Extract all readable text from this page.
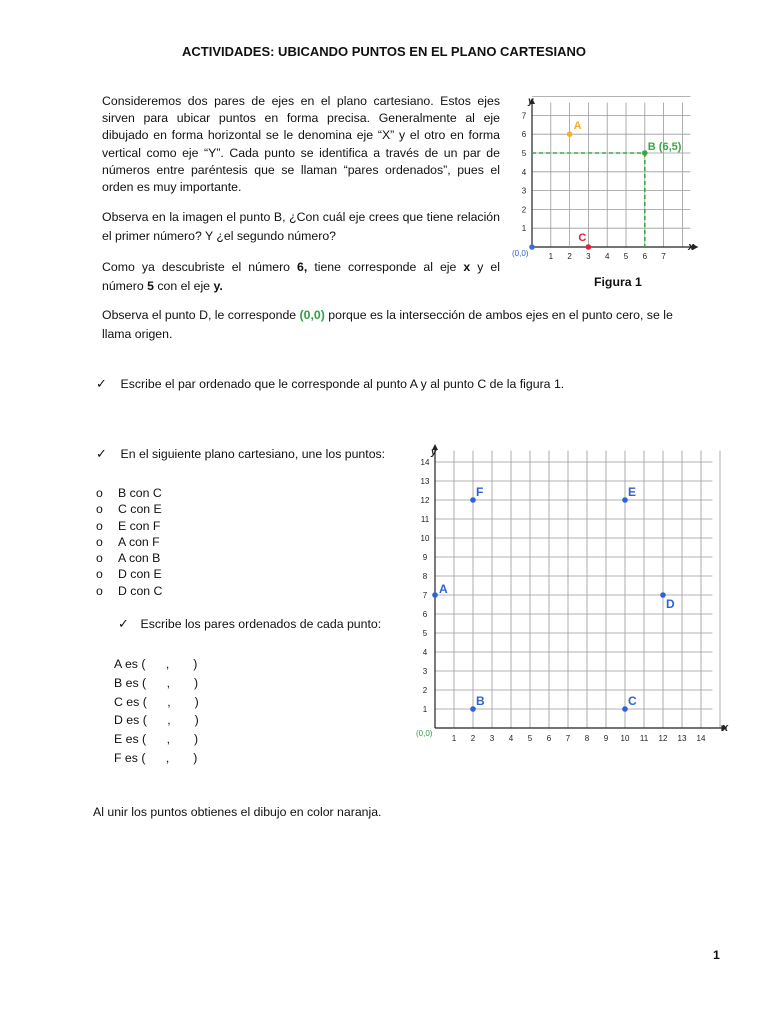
ACTIVIDADES: UBICANDO PUNTOS EN EL PLANO CARTESIANO
Consideremos dos pares de ejes en el plano cartesiano. Estos ejes sirven para ubicar puntos en forma precisa. Generalmente al eje dibujado en forma horizontal se le denomina eje “X” y el otro en forma vertical como eje “Y”. Cada punto se identifica a través de un par de números entre paréntesis que se llaman “pares ordenados”, pues el orden es muy importante.
Observa en la imagen el punto B, ¿Con cuál eje crees que tiene relación el primer número? Y ¿el segundo número?
Como ya descubriste el número 6, tiene corresponde al eje x y el número 5 con el eje y.
Observa el punto D, le corresponde (0,0) porque es la intersección de ambos ejes en el punto cero, se le llama origen.
1 2 3 4 5 6 7
1
2
3
4
5
6
7
A
B (6,5)
C
x
y
(0,0)
Figura 1
✓ Escribe el par ordenado que le corresponde al punto A y al punto C de la figura 1.
✓ En el siguiente plano cartesiano, une los puntos:
o B con C
o C con E
o E con F
o A con F
o A con B
o D con E
o D con C
✓ Escribe los pares ordenados de cada punto:
A es (      ,       )
B es (      ,       )
C es (      ,       )
D es (      ,       )
E es (      ,       )
F es (      ,       )
1 2 3 4 5 6 7 8 9 10 11 12 13 14
1
2
3
4
5
6
7
8
9
10
11
12
13
14
A
B	C
D
E
F
x
y
(0,0)
Al unir los puntos obtienes el dibujo en color naranja.
1
